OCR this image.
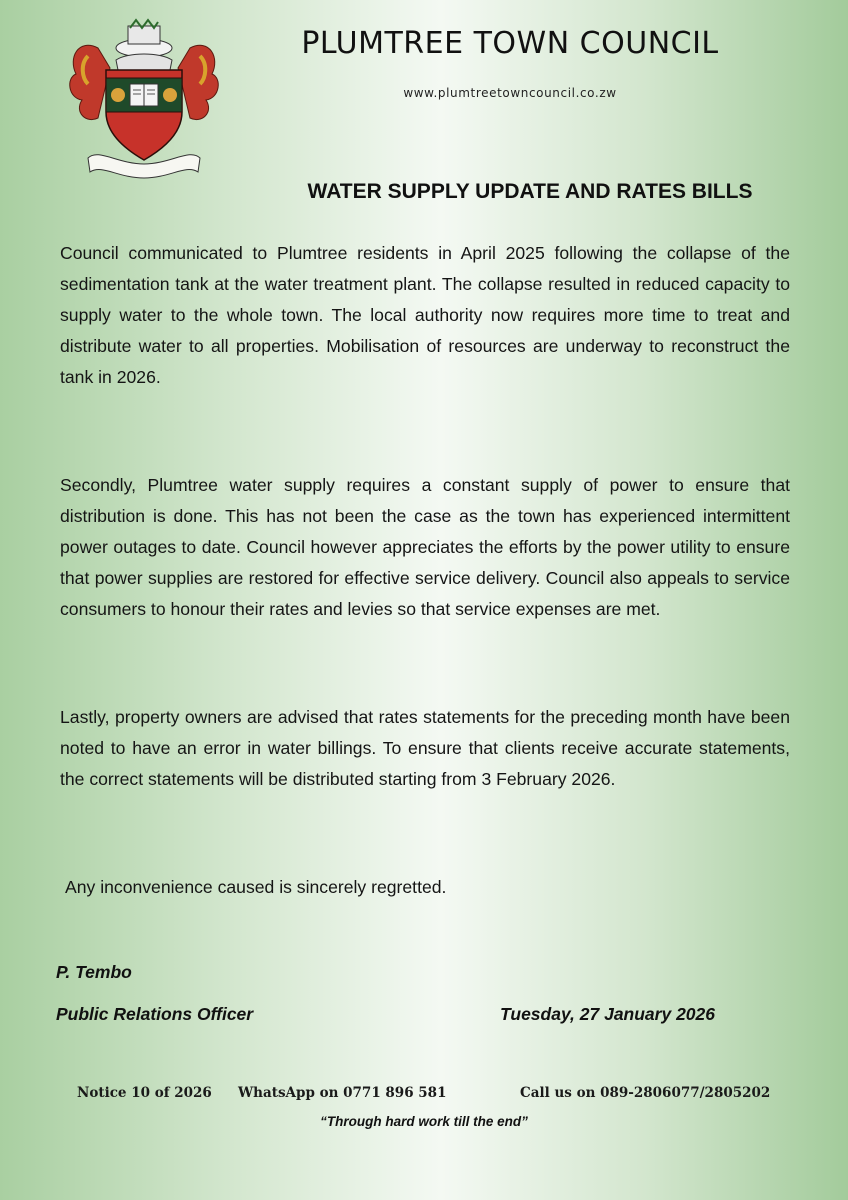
PLUMTREE TOWN COUNCIL
www.plumtreetowncouncil.co.zw
WATER SUPPLY UPDATE AND RATES BILLS

Council communicated to Plumtree residents in April 2025 following the collapse of the sedimentation tank at the water treatment plant. The collapse resulted in reduced capacity to supply water to the whole town. The local authority now requires more time to treat and distribute water to all properties. Mobilisation of resources are underway to reconstruct the tank in 2026.

Secondly, Plumtree water supply requires a constant supply of power to ensure that distribution is done. This has not been the case as the town has experienced intermittent power outages to date. Council however appreciates the efforts by the power utility to ensure that power supplies are restored for effective service delivery. Council also appeals to service consumers to honour their rates and levies so that service expenses are met.

Lastly, property owners are advised that rates statements for the preceding month have been noted to have an error in water billings. To ensure that clients receive accurate statements, the correct statements will be distributed starting from 3 February 2026.

Any inconvenience caused is sincerely regretted.

P. Tembo
Public Relations Officer	Tuesday, 27 January 2026
Notice 10 of 2026 WhatsApp on 0771 896 581	Call us on 089-2806077/2805202
“Through hard work till the end”
